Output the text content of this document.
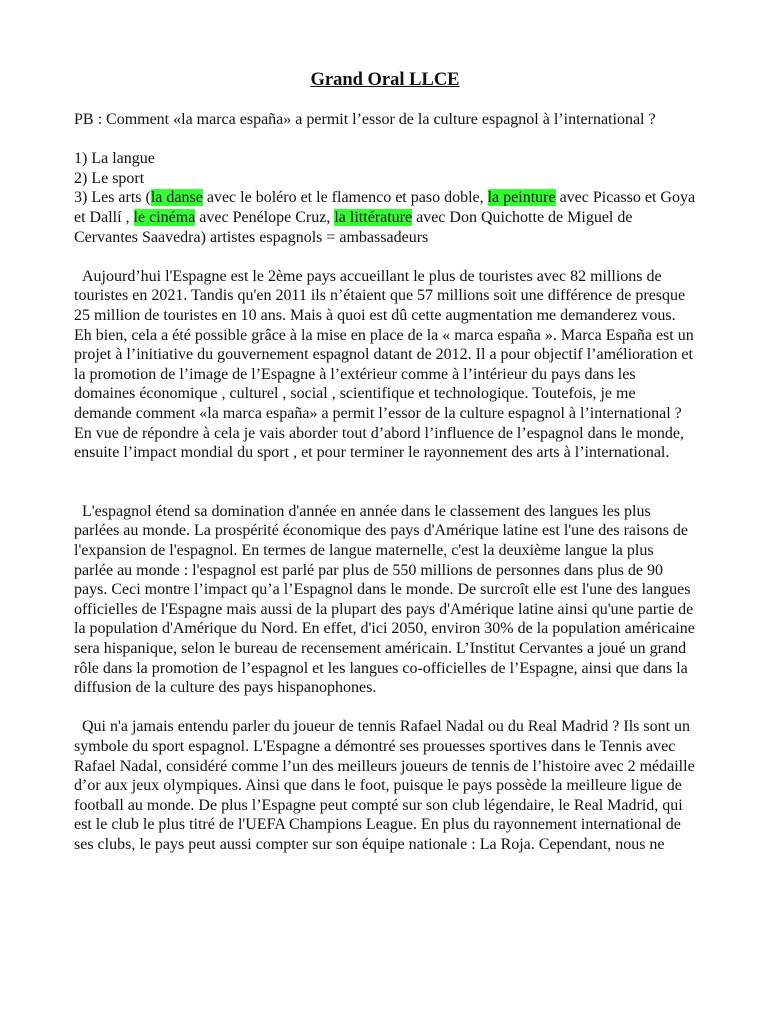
Grand Oral LLCE

PB : Comment «la marca españa» a permit l’essor de la culture espagnol à l’international ?

1) La langue

2) Le sport

3) Les arts (la danse avec le boléro et le flamenco et paso doble, la peinture avec Picasso et Goya et Dallí , le cinéma avec Penélope Cruz, la littérature avec Don Quichotte de Miguel de Cervantes Saavedra) artistes espagnols = ambassadeurs

Aujourd’hui l'Espagne est le 2ème pays accueillant le plus de touristes avec 82 millions de touristes en 2021. Tandis qu'en 2011 ils n’étaient que 57 millions soit une différence de presque 25 million de touristes en 10 ans. Mais à quoi est dû cette augmentation me demanderez vous. Eh bien, cela a été possible grâce à la mise en place de la « marca españa ». Marca España est un projet à l’initiative du gouvernement espagnol datant de 2012. Il a pour objectif l’amélioration et la promotion de l’image de l’Espagne à l’extérieur comme à l’intérieur du pays dans les domaines économique , culturel , social , scientifique et technologique. Toutefois, je me demande comment «la marca españa» a permit l’essor de la culture espagnol à l’international ? En vue de répondre à cela je vais aborder tout d’abord l’influence de l’espagnol dans le monde, ensuite l’impact mondial du sport , et pour terminer le rayonnement des arts à l’international.

L'espagnol étend sa domination d'année en année dans le classement des langues les plus parlées au monde. La prospérité économique des pays d'Amérique latine est l'une des raisons de l'expansion de l'espagnol. En termes de langue maternelle, c'est la deuxième langue la plus parlée au monde : l'espagnol est parlé par plus de 550 millions de personnes dans plus de 90 pays. Ceci montre l’impact qu’a l’Espagnol dans le monde. De surcroît elle est l'une des langues officielles de l'Espagne mais aussi de la plupart des pays d'Amérique latine ainsi qu'une partie de la population d'Amérique du Nord. En effet, d'ici 2050, environ 30% de la population américaine sera hispanique, selon le bureau de recensement américain. L’Institut Cervantes a joué un grand rôle dans la promotion de l’espagnol et les langues co-officielles de l’Espagne, ainsi que dans la diffusion de la culture des pays hispanophones.

Qui n'a jamais entendu parler du joueur de tennis Rafael Nadal ou du Real Madrid ? Ils sont un symbole du sport espagnol. L'Espagne a démontré ses prouesses sportives dans le Tennis avec Rafael Nadal, considéré comme l’un des meilleurs joueurs de tennis de l’histoire avec 2 médaille d’or aux jeux olympiques. Ainsi que dans le foot, puisque le pays possède la meilleure ligue de football au monde. De plus l’Espagne peut compté sur son club légendaire, le Real Madrid, qui est le club le plus titré de l'UEFA Champions League. En plus du rayonnement international de ses clubs, le pays peut aussi compter sur son équipe nationale : La Roja. Cependant, nous ne
